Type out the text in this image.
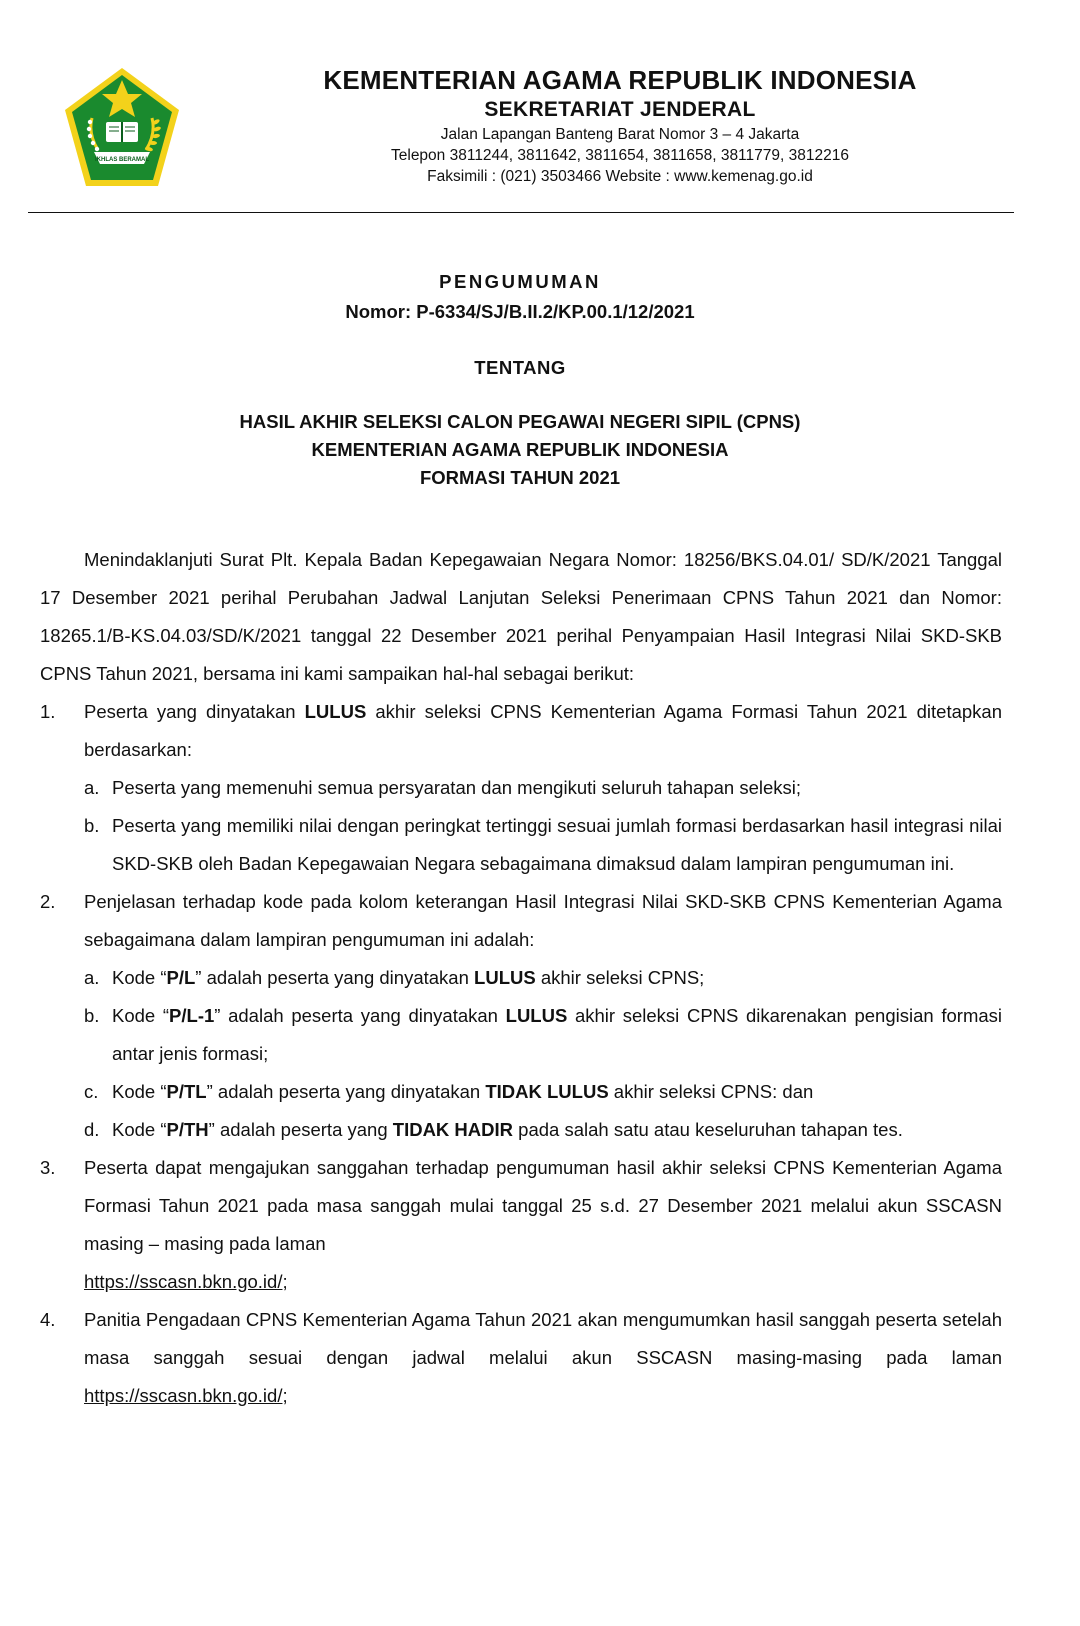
IKHLAS BERAMAL
KEMENTERIAN AGAMA REPUBLIK INDONESIA
SEKRETARIAT JENDERAL
Jalan Lapangan Banteng Barat Nomor 3 – 4 Jakarta
Telepon 3811244, 3811642, 3811654, 3811658, 3811779, 3812216
Faksimili : (021) 3503466 Website : www.kemenag.go.id
PENGUMUMAN
Nomor: P-6334/SJ/B.II.2/KP.00.1/12/2021
TENTANG
HASIL AKHIR SELEKSI CALON PEGAWAI NEGERI SIPIL (CPNS)
KEMENTERIAN AGAMA REPUBLIK INDONESIA
FORMASI TAHUN 2021

Menindaklanjuti Surat Plt. Kepala Badan Kepegawaian Negara Nomor: 18256/BKS.04.01/ SD/K/2021 Tanggal 17 Desember 2021 perihal Perubahan Jadwal Lanjutan Seleksi Penerimaan CPNS Tahun 2021 dan Nomor: 18265.1/B-KS.04.03/SD/K/2021 tanggal 22 Desember 2021 perihal Penyampaian Hasil Integrasi Nilai SKD-SKB CPNS Tahun 2021, bersama ini kami sampaikan hal-hal sebagai berikut:

1. Peserta yang dinyatakan LULUS akhir seleksi CPNS Kementerian Agama Formasi Tahun 2021 ditetapkan berdasarkan:
a. Peserta yang memenuhi semua persyaratan dan mengikuti seluruh tahapan seleksi;
b. Peserta yang memiliki nilai dengan peringkat tertinggi sesuai jumlah formasi berdasarkan hasil integrasi nilai SKD-SKB oleh Badan Kepegawaian Negara sebagaimana dimaksud dalam lampiran pengumuman ini.
2. Penjelasan terhadap kode pada kolom keterangan Hasil Integrasi Nilai SKD-SKB CPNS Kementerian Agama sebagaimana dalam lampiran pengumuman ini adalah:
a. Kode “P/L” adalah peserta yang dinyatakan LULUS akhir seleksi CPNS;
b. Kode “P/L-1” adalah peserta yang dinyatakan LULUS akhir seleksi CPNS dikarenakan pengisian formasi antar jenis formasi;
c. Kode “P/TL” adalah peserta yang dinyatakan TIDAK LULUS akhir seleksi CPNS: dan
d. Kode “P/TH” adalah peserta yang TIDAK HADIR pada salah satu atau keseluruhan tahapan tes.
3. Peserta dapat mengajukan sanggahan terhadap pengumuman hasil akhir seleksi CPNS Kementerian Agama Formasi Tahun 2021 pada masa sanggah mulai tanggal 25 s.d. 27 Desember 2021 melalui akun SSCASN masing – masing pada laman
https://sscasn.bkn.go.id/;
4. Panitia Pengadaan CPNS Kementerian Agama Tahun 2021 akan mengumumkan hasil sanggah peserta setelah masa sanggah sesuai dengan jadwal melalui akun SSCASN masing-masing pada laman https://sscasn.bkn.go.id/;
